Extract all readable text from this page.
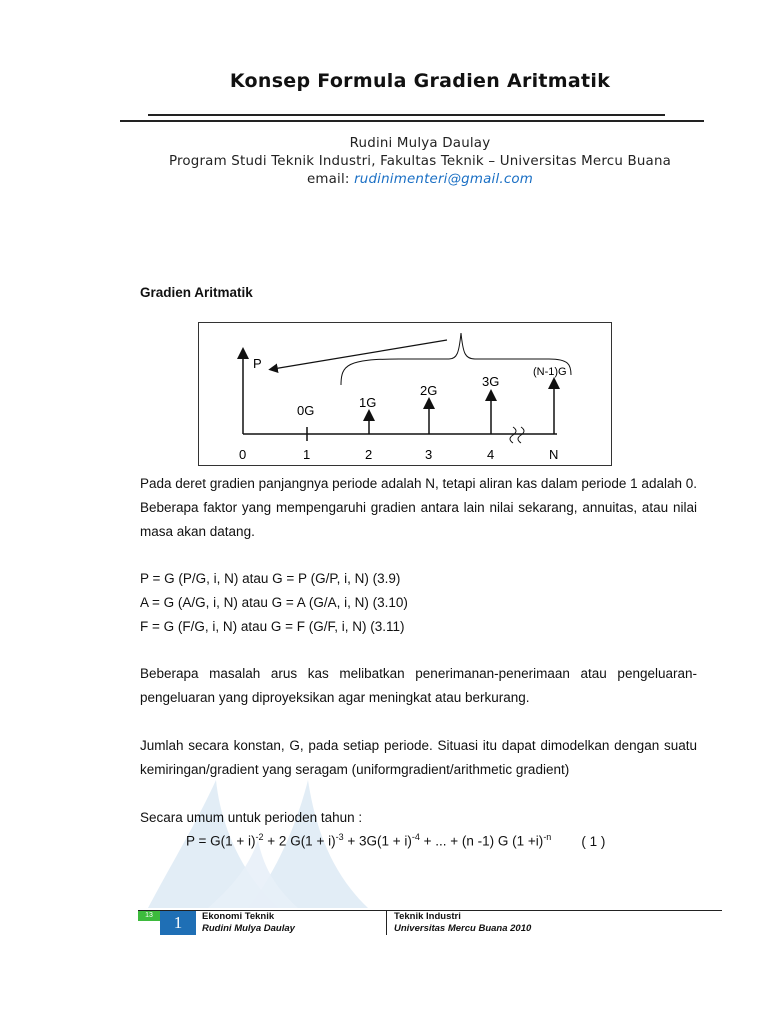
Konsep Formula Gradien Aritmatik
Rudini Mulya Daulay
Program Studi Teknik Industri, Fakultas Teknik – Universitas Mercu Buana
email: rudinimenteri@gmail.com
Gradien Aritmatik
P
0G
1G
2G
3G
(N-1)G
0	1	2	3	4	N
Pada deret gradien panjangnya periode adalah N, tetapi aliran kas dalam periode 1 adalah 0. Beberapa faktor yang mempengaruhi gradien antara lain nilai sekarang, annuitas, atau nilai masa akan datang.
P = G (P/G, i, N) atau G = P (G/P, i, N) (3.9)
A = G (A/G, i, N) atau G = A (G/A, i, N) (3.10)
F = G (F/G, i, N) atau G = F (G/F, i, N) (3.11)
Beberapa masalah arus kas melibatkan penerimanan-penerimaan atau pengeluaran-pengeluaran yang diproyeksikan agar meningkat atau berkurang.
Jumlah secara konstan, G, pada setiap periode. Situasi itu dapat dimodelkan dengan suatu kemiringan/gradient yang seragam (uniformgradient/arithmetic gradient)
Secara umum untuk perioden tahun :
$P = G(1 + i)^{-2} + 2$ $G(1 + i)^{-3} + 3G(1 + i)^{-4}$ + ... + (n -1) G $(1 +i)^{-n}$ ( 1 )
13	1	Ekonomi Teknik
Rudini Mulya Daulay
Teknik Industri
Universitas Mercu Buana 2010
